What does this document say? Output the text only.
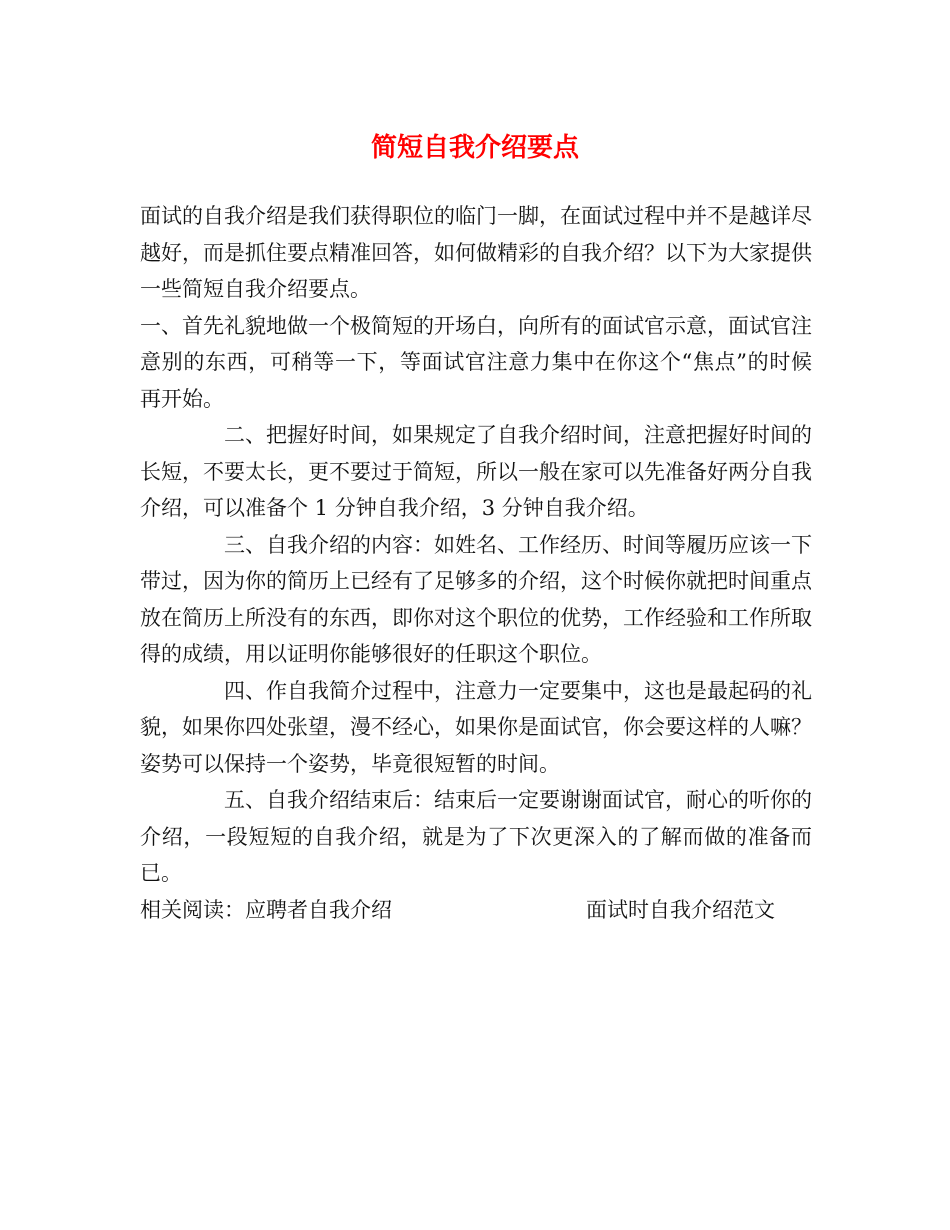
简短自我介绍要点

面试的自我介绍是我们获得职位的临门一脚，在面试过程中并不是越详尽越好，而是抓住要点精准回答，如何做精彩的自我介绍？以下为大家提供一些简短自我介绍要点。

一、首先礼貌地做一个极简短的开场白，向所有的面试官示意，面试官注意别的东西，可稍等一下，等面试官注意力集中在你这个“焦点”的时候再开始。

二、把握好时间，如果规定了自我介绍时间，注意把握好时间的长短，不要太长，更不要过于简短，所以一般在家可以先准备好两分自我介绍，可以准备个 1 分钟自我介绍，3 分钟自我介绍。

三、自我介绍的内容：如姓名、工作经历、时间等履历应该一下带过，因为你的简历上已经有了足够多的介绍，这个时候你就把时间重点放在简历上所没有的东西，即你对这个职位的优势，工作经验和工作所取得的成绩，用以证明你能够很好的任职这个职位。

四、作自我简介过程中，注意力一定要集中，这也是最起码的礼貌，如果你四处张望，漫不经心，如果你是面试官，你会要这样的人嘛？姿势可以保持一个姿势，毕竟很短暂的时间。

五、自我介绍结束后：结束后一定要谢谢面试官，耐心的听你的介绍，一段短短的自我介绍，就是为了下次更深入的了解而做的准备而已。

相关阅读：应聘者自我介绍	面试时自我介绍范文
